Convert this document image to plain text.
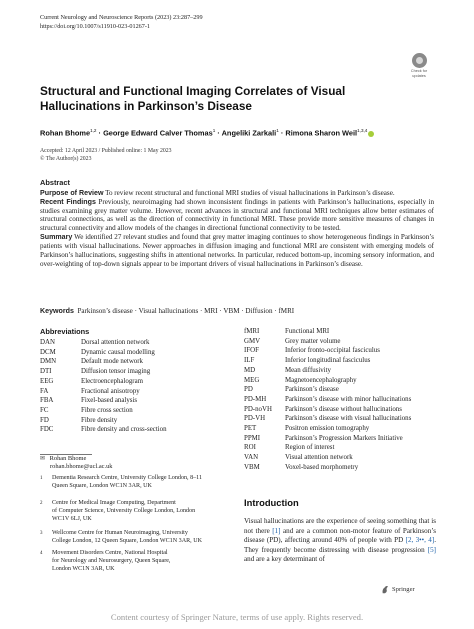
Current Neurology and Neuroscience Reports (2023) 23:287–299
https://doi.org/10.1007/s11910-023-01267-1
Check for
updates
Structural and Functional Imaging Correlates of Visual Hallucinations in Parkinson’s Disease
Rohan Bhome$^{1,2}$ · George Edward Calver Thomas$^1$ · Angeliki Zarkali$^1$ · Rimona Sharon Weil$^{1,3,4}$
Accepted: 12 April 2023 / Published online: 1 May 2023
© The Author(s) 2023
Abstract

Purpose of Review To review recent structural and functional MRI studies of visual hallucinations in Parkinson’s disease.

Recent Findings Previously, neuroimaging had shown inconsistent findings in patients with Parkinson’s hallucinations, especially in studies examining grey matter volume. However, recent advances in structural and functional MRI techniques allow better estimates of structural connections, as well as the direction of connectivity in functional MRI. These provide more sensitive measures of changes in structural connectivity and allow models of the changes in directional functional connectivity to be tested.

Summary We identified 27 relevant studies and found that grey matter imaging continues to show heterogeneous findings in Parkinson’s patients with visual hallucinations. Newer approaches in diffusion imaging and functional MRI are consistent with emerging models of Parkinson’s hallucinations, suggesting shifts in attentional networks. In particular, reduced bottom-up, incoming sensory information, and over-weighting of top-down signals appear to be important drivers of visual hallucinations in Parkinson’s disease.

Keywords Parkinson’s disease · Visual hallucinations · MRI · VBM · Diffusion · fMRI
Abbreviations
DAN	Dorsal attention network
DCM	Dynamic causal modelling
DMN	Default mode network
DTI	Diffusion tensor imaging
EEG	Electroencephalogram
FA	Fractional anisotropy
FBA	Fixel-based analysis
FC	Fibre cross section
FD	Fibre density
FDC	Fibre density and cross-section
fMRI	Functional MRI
GMV	Grey matter volume
IFOF	Inferior fronto-occipital fasciculus
ILF	Inferior longitudinal fasciculus
MD	Mean diffusivity
MEG	Magnetoencephalography
PD	Parkinson’s disease
PD-MH	Parkinson’s disease with minor hallucinations
PD-noVH	Parkinson’s disease without hallucinations
PD-VH	Parkinson’s disease with visual hallucinations
PET	Positron emission tomography
PPMI	Parkinson’s Progression Markers Initiative
ROI	Region of interest
VAN	Visual attention network
VBM	Voxel-based morphometry
✉ Rohan Bhome
rohan.bhome@ucl.ac.uk
1	Dementia Research Centre, University College London, 8–11
Queen Square, London WC1N 3AR, UK
2	Centre for Medical Image Computing, Department
of Computer Science, University College London, London
WC1V 6LJ, UK
3	Wellcome Centre for Human Neuroimaging, University
College London, 12 Queen Square, London WC1N 3AR, UK
4	Movement Disorders Centre, National Hospital
for Neurology and Neurosurgery, Queen Square,
London WC1N 3AR, UK
Introduction
Visual hallucinations are the experience of seeing something that is not there [1] and are a common non-motor feature of Parkinson’s disease (PD), affecting around 40% of people with PD [2, 3••, 4]. They frequently become distressing with disease progression [5] and are a key determinant of
Springer
Content courtesy of Springer Nature, terms of use apply. Rights reserved.
